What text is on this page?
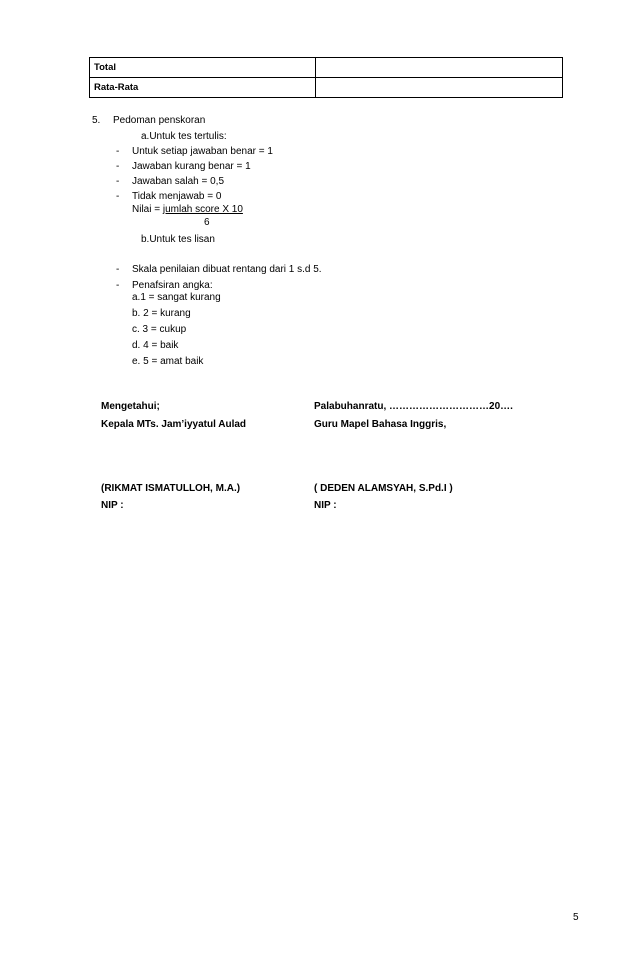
Total	
Rata-Rata	
5. Pedoman penskoran
a.Untuk tes tertulis:
- Untuk setiap jawaban benar = 1
- Jawaban kurang benar = 1
- Jawaban salah = 0,5
- Tidak menjawab = 0
Nilai = jumlah score X 10
6
b.Untuk tes lisan
- Skala penilaian dibuat rentang dari 1 s.d 5.
- Penafsiran angka:
a.1 = sangat kurang
b. 2 = kurang
c. 3 = cukup
d. 4 = baik
e. 5 = amat baik
Mengetahui;
Kepala MTs. Jam’iyyatul Aulad
(RIKMAT ISMATULLOH, M.A.)
NIP :
Palabuhanratu, …………………………20….
Guru Mapel Bahasa Inggris,
( DEDEN ALAMSYAH, S.Pd.I )
NIP :
5
